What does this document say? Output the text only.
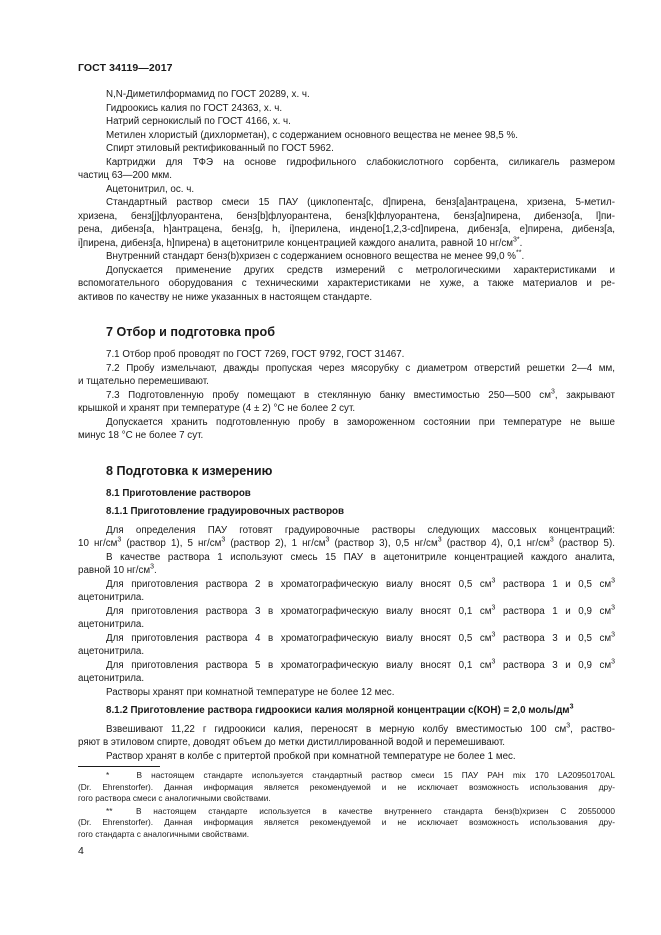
ГОСТ 34119—2017

N,N-Диметилформамид по ГОСТ 20289, х. ч.

Гидроокись калия по ГОСТ 24363, х. ч.

Натрий сернокислый по ГОСТ 4166, х. ч.

Метилен хлористый (дихлорметан), с содержанием основного вещества не менее 98,5 %.

Спирт этиловый ректификованный по ГОСТ 5962.

Картриджи для ТФЭ на основе гидрофильного слабокислотного сорбента, силикагель размером

частиц 63—200 мкм.

Ацетонитрил, ос. ч.

Стандартный раствор смеси 15 ПАУ (циклопента[c, d]пирена, бенз[a]антрацена, хризена, 5-метил-

хризена, бенз[j]флуорантена, бенз[b]флуорантена, бенз[k]флуорантена, бенз[a]пирена, дибензо[a, l]пи-

рена, дибенз[a, h]антрацена, бенз[g, h, i]перилена, индено[1,2,3-cd]пирена, дибенз[a, e]пирена, дибенз[a,

i]пирена, дибенз[a, h]пирена) в ацетонитриле концентрацией каждого аналита, равной 10 $нг/см^{3*}$.

Внутренний стандарт бенз(b)хризен с содержанием основного вещества не менее 99,0 %**.

Допускается применение других средств измерений с метрологическими характеристиками и

вспомогательного оборудования с техническими характеристиками не хуже, а также материалов и ре-

активов по качеству не ниже указанных в настоящем стандарте.

7 Отбор и подготовка проб

7.1 Отбор проб проводят по ГОСТ 7269, ГОСТ 9792, ГОСТ 31467.

7.2 Пробу измельчают, дважды пропуская через мясорубку с диаметром отверстий решетки 2—4 мм,

и тщательно перемешивают.

7.3 Подготовленную пробу помещают в стеклянную банку вместимостью 250—500 $см^3$, закрывают

крышкой и хранят при температуре (4 ± 2) °С не более 2 сут.

Допускается хранить подготовленную пробу в замороженном состоянии при температуре не выше

минус 18 °С не более 7 сут.

8 Подготовка к измерению

8.1 Приготовление растворов

8.1.1 Приготовление градуировочных растворов

Для определения ПАУ готовят градуировочные растворы следующих массовых концентраций:

10 $нг/см^3$ (раствор 1), 5 $нг/см^3$ (раствор 2), 1 $нг/см^3$ (раствор 3), 0,5 $нг/см^3$ (раствор 4), 0,1 $нг/см^3$ (раствор 5).

В качестве раствора 1 используют смесь 15 ПАУ в ацетонитриле концентрацией каждого аналита,

равной 10 $нг/см^3$.

Для приготовления раствора 2 в хроматографическую виалу вносят 0,5 $см^3$ раствора 1 и 0,5 $см^3$

ацетонитрила.

Для приготовления раствора 3 в хроматографическую виалу вносят 0,1 $см^3$ раствора 1 и 0,9 $см^3$

ацетонитрила.

Для приготовления раствора 4 в хроматографическую виалу вносят 0,5 $см^3$ раствора 3 и 0,5 $см^3$

ацетонитрила.

Для приготовления раствора 5 в хроматографическую виалу вносят 0,1 $см^3$ раствора 3 и 0,9 $см^3$

ацетонитрила.

Растворы хранят при комнатной температуре не более 12 мес.

8.1.2 Приготовление раствора гидроокиси калия молярной концентрации с(КОН) = 2,0 моль/$дм^3$

Взвешивают 11,22 г гидроокиси калия, переносят в мерную колбу вместимостью 100 $см^3$, раство-

ряют в этиловом спирте, доводят объем до метки дистиллированной водой и перемешивают.

Раствор хранят в колбе с притертой пробкой при комнатной температуре не более 1 мес.

*	В настоящем стандарте используется стандартный раствор смеси 15 ПАУ PAH mix 170 LA20950170AL

(Dr. Ehrenstorfer). Данная информация является рекомендуемой и не исключает возможность использования дру-

гого раствора смеси с аналогичными свойствами.

**	В настоящем стандарте используется в качестве внутреннего стандарта бенз(b)хризен С 20550000

(Dr. Ehrenstorfer). Данная информация является рекомендуемой и не исключает возможность использования дру-

гого стандарта с аналогичными свойствами.

4
